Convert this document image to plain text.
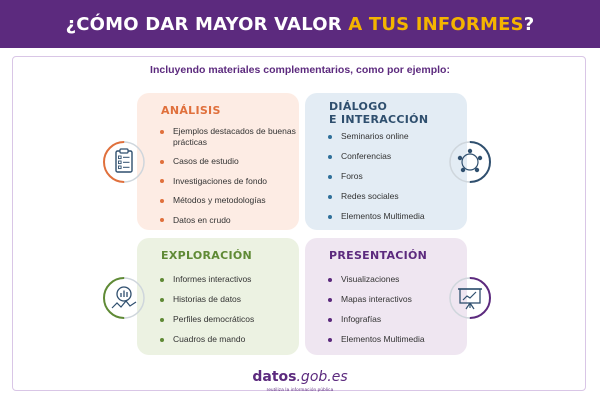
¿CÓMO DAR MAYOR VALOR A TUS INFORMES?
Incluyendo materiales complementarios, como por ejemplo:
ANÁLISIS
Ejemplos destacados de buenas prácticas
Casos de estudio
Investigaciones de fondo
Métodos y metodologías
Datos en crudo
DIÁLOGO
E INTERACCIÓN
Seminarios online
Conferencias
Foros
Redes sociales
Elementos Multimedia
EXPLORACIÓN
Informes interactivos
Historias de datos
Perfiles democráticos
Cuadros de mando
PRESENTACIÓN
Visualizaciones
Mapas interactivos
Infografías
Elementos Multimedia
datos.gob.es
reutiliza la información pública
